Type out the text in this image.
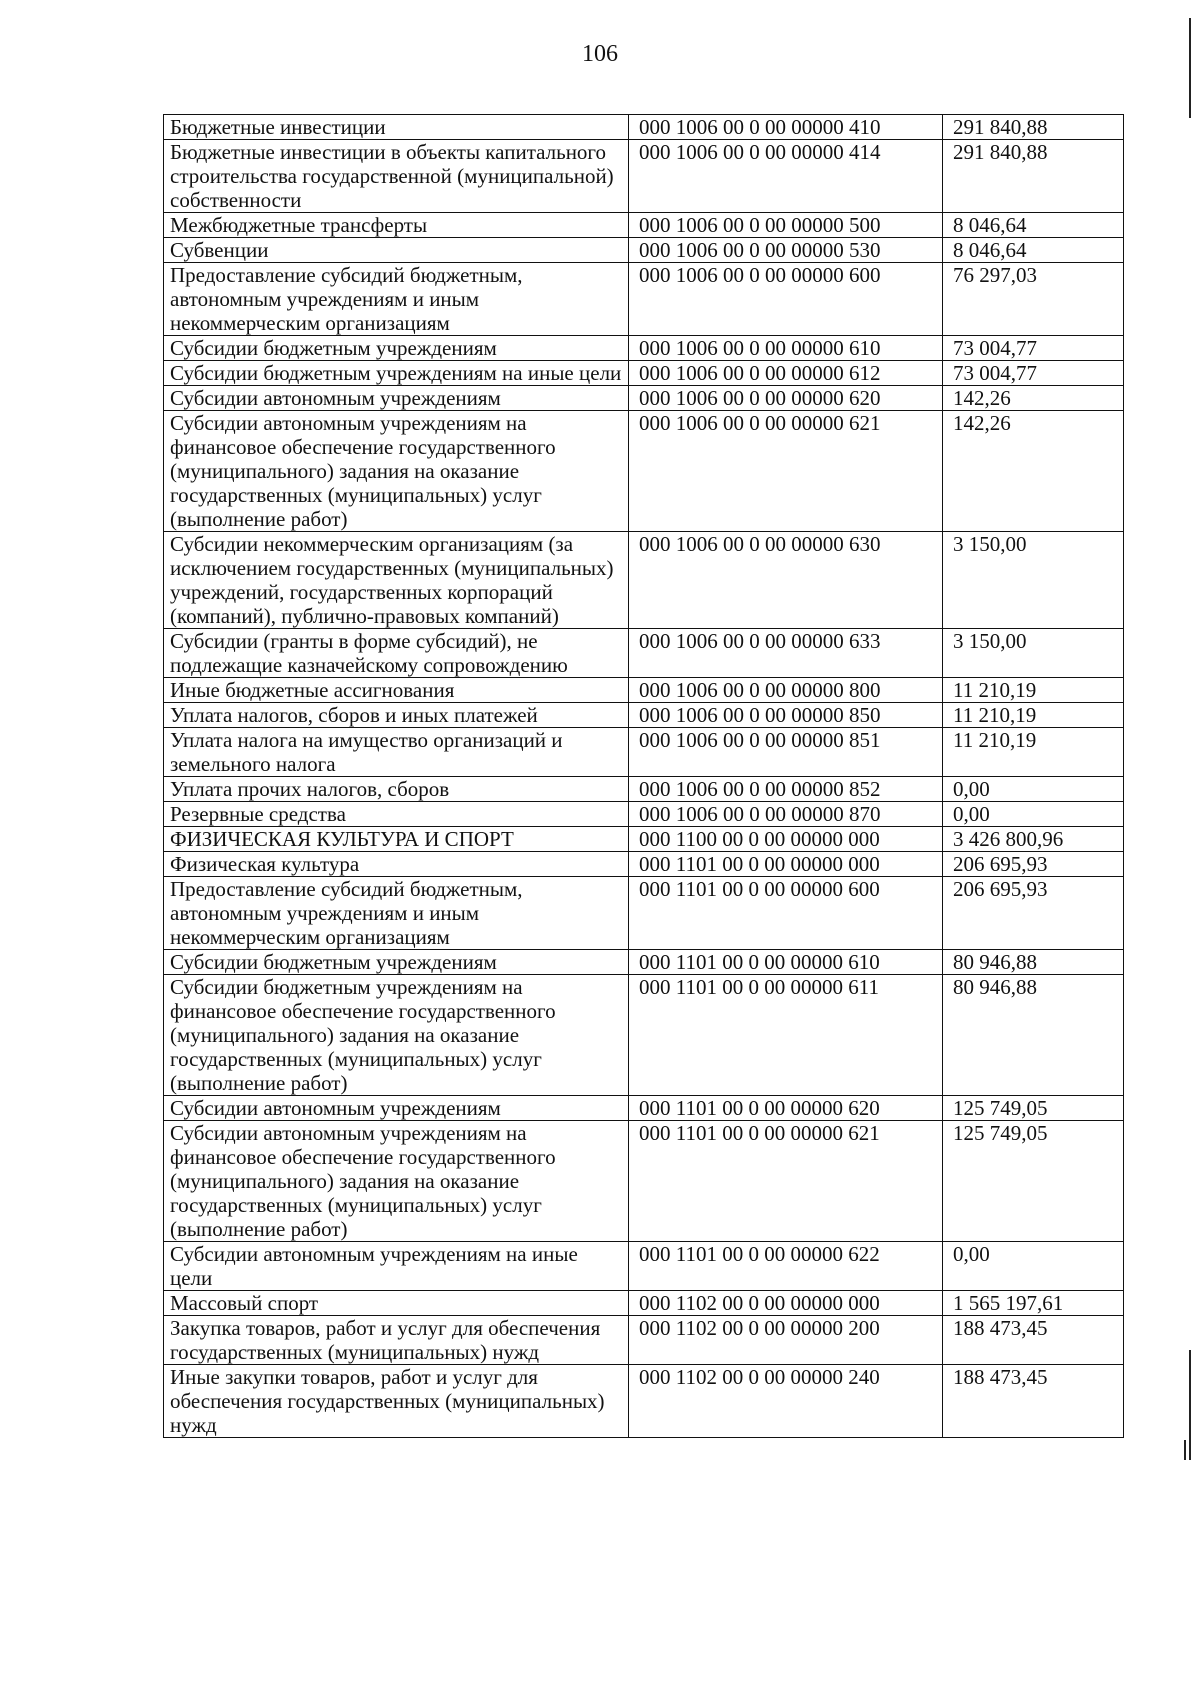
106
Бюджетные инвестиции	000 1006 00 0 00 00000 410	291 840,88
Бюджетные инвестиции в объекты капитального строительства государственной (муниципальной) собственности	000 1006 00 0 00 00000 414	291 840,88
Межбюджетные трансферты	000 1006 00 0 00 00000 500	8 046,64
Субвенции	000 1006 00 0 00 00000 530	8 046,64
Предоставление субсидий бюджетным, автономным учреждениям и иным некоммерческим организациям	000 1006 00 0 00 00000 600	76 297,03
Субсидии бюджетным учреждениям	000 1006 00 0 00 00000 610	73 004,77
Субсидии бюджетным учреждениям на иные цели	000 1006 00 0 00 00000 612	73 004,77
Субсидии автономным учреждениям	000 1006 00 0 00 00000 620	142,26
Субсидии автономным учреждениям на финансовое обеспечение государственного (муниципального) задания на оказание государственных (муниципальных) услуг (выполнение работ)	000 1006 00 0 00 00000 621	142,26
Субсидии некоммерческим организациям (за исключением государственных (муниципальных) учреждений, государственных корпораций (компаний), публично-правовых компаний)	000 1006 00 0 00 00000 630	3 150,00
Субсидии (гранты в форме субсидий), не подлежащие казначейскому сопровождению	000 1006 00 0 00 00000 633	3 150,00
Иные бюджетные ассигнования	000 1006 00 0 00 00000 800	11 210,19
Уплата налогов, сборов и иных платежей	000 1006 00 0 00 00000 850	11 210,19
Уплата налога на имущество организаций и земельного налога	000 1006 00 0 00 00000 851	11 210,19
Уплата прочих налогов, сборов	000 1006 00 0 00 00000 852	0,00
Резервные средства	000 1006 00 0 00 00000 870	0,00
ФИЗИЧЕСКАЯ КУЛЬТУРА И СПОРТ	000 1100 00 0 00 00000 000	3 426 800,96
Физическая культура	000 1101 00 0 00 00000 000	206 695,93
Предоставление субсидий бюджетным, автономным учреждениям и иным некоммерческим организациям	000 1101 00 0 00 00000 600	206 695,93
Субсидии бюджетным учреждениям	000 1101 00 0 00 00000 610	80 946,88
Субсидии бюджетным учреждениям на финансовое обеспечение государственного (муниципального) задания на оказание государственных (муниципальных) услуг (выполнение работ)	000 1101 00 0 00 00000 611	80 946,88
Субсидии автономным учреждениям	000 1101 00 0 00 00000 620	125 749,05
Субсидии автономным учреждениям на финансовое обеспечение государственного (муниципального) задания на оказание государственных (муниципальных) услуг (выполнение работ)	000 1101 00 0 00 00000 621	125 749,05
Субсидии автономным учреждениям на иные цели	000 1101 00 0 00 00000 622	0,00
Массовый спорт	000 1102 00 0 00 00000 000	1 565 197,61
Закупка товаров, работ и услуг для обеспечения государственных (муниципальных) нужд	000 1102 00 0 00 00000 200	188 473,45
Иные закупки товаров, работ и услуг для обеспечения государственных (муниципальных) нужд	000 1102 00 0 00 00000 240	188 473,45
